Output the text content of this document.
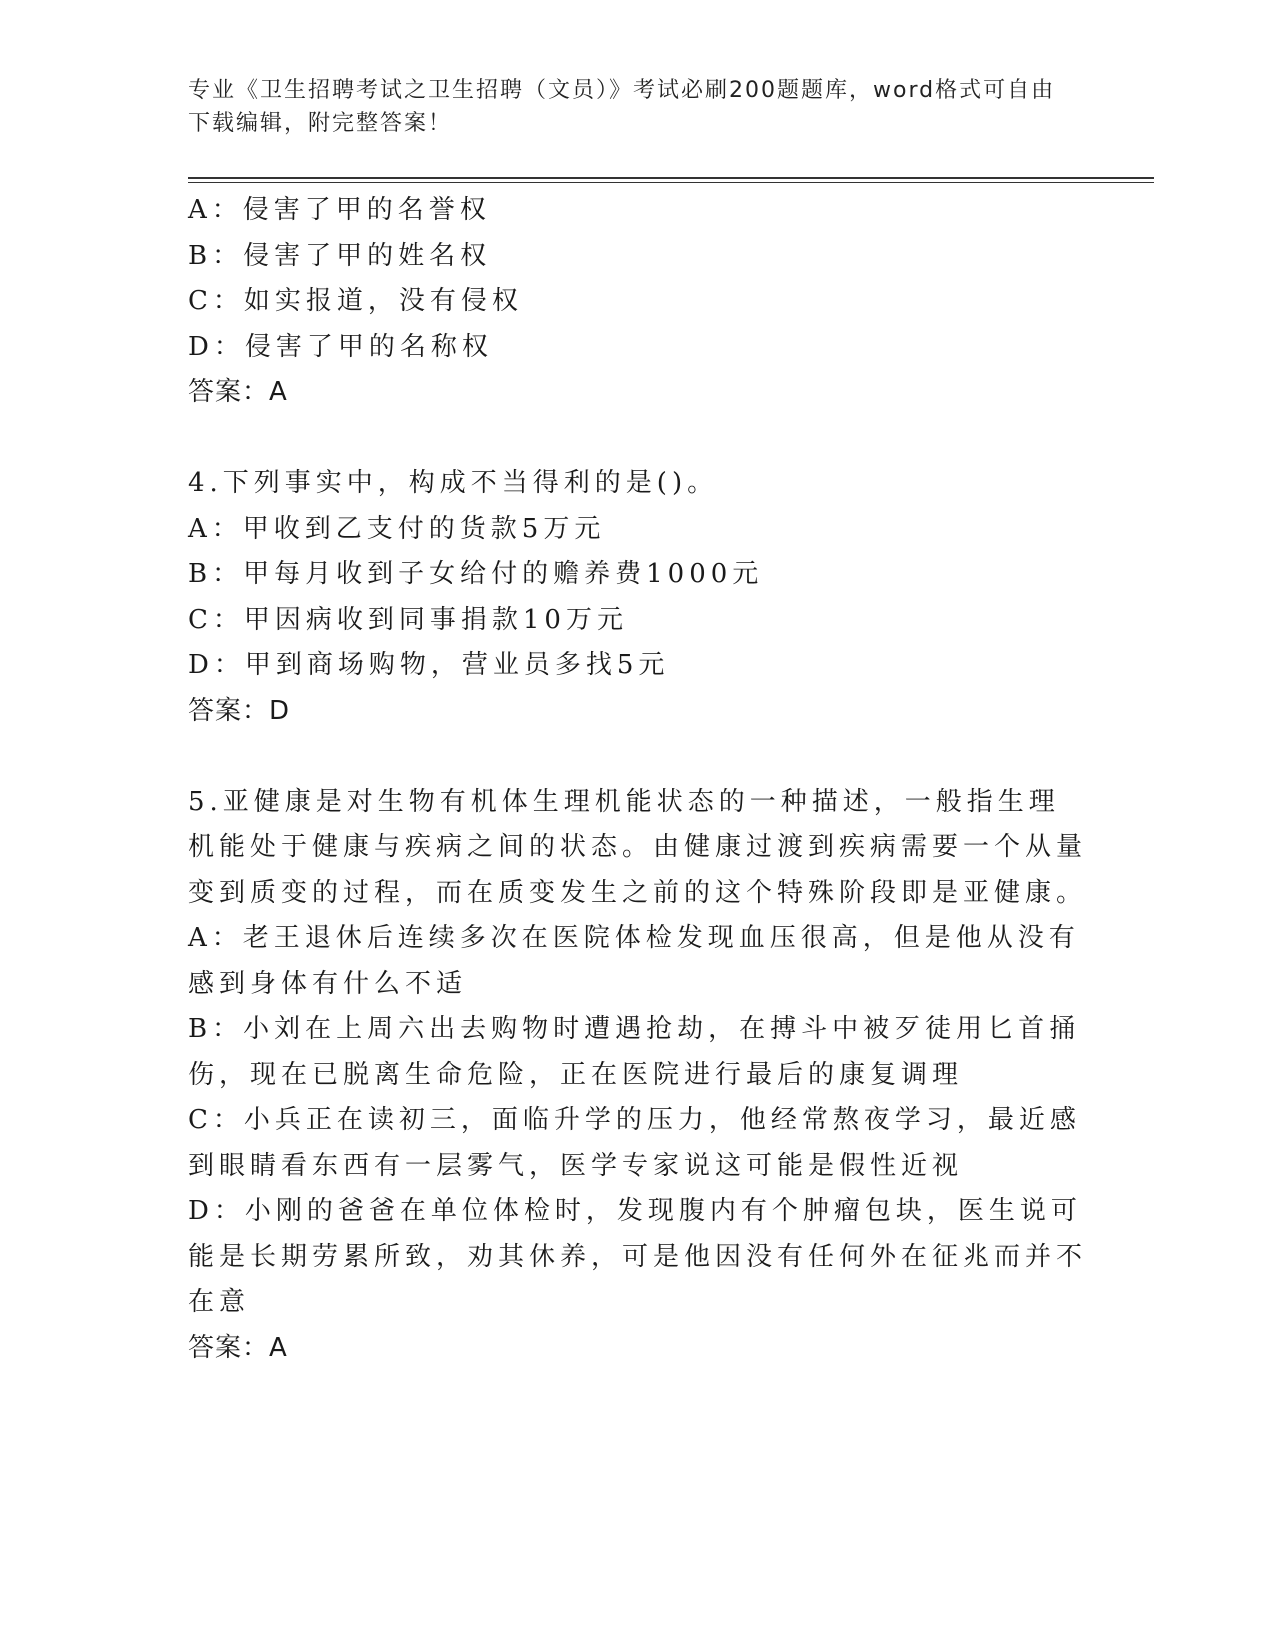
专业《卫生招聘考试之卫生招聘（文员）》考试必刷200题题库，word格式可自由下载编辑，附完整答案！
A：侵害了甲的名誉权
B：侵害了甲的姓名权
C：如实报道，没有侵权
D：侵害了甲的名称权
答案：A
4.下列事实中，构成不当得利的是()。
A：甲收到乙支付的货款5万元
B：甲每月收到子女给付的赡养费1000元
C：甲因病收到同事捐款10万元
D：甲到商场购物，营业员多找5元
答案：D
5.亚健康是对生物有机体生理机能状态的一种描述，一般指生理机能处于健康与疾病之间的状态。由健康过渡到疾病需要一个从量变到质变的过程，而在质变发生之前的这个特殊阶段即是亚健康。
A：老王退休后连续多次在医院体检发现血压很高，但是他从没有感到身体有什么不适
B：小刘在上周六出去购物时遭遇抢劫，在搏斗中被歹徒用匕首捅伤，现在已脱离生命危险，正在医院进行最后的康复调理
C：小兵正在读初三，面临升学的压力，他经常熬夜学习，最近感到眼睛看东西有一层雾气，医学专家说这可能是假性近视
D：小刚的爸爸在单位体检时，发现腹内有个肿瘤包块，医生说可能是长期劳累所致，劝其休养，可是他因没有任何外在征兆而并不在意
答案：A
